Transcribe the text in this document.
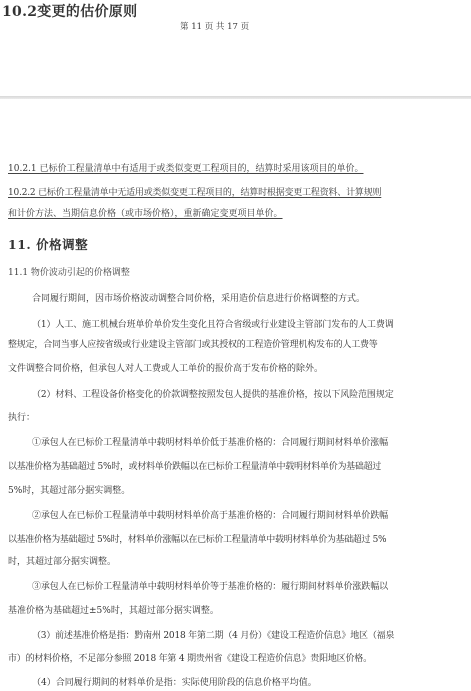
10.2变更的估价原则
第 11 页 共 17 页
10.2.1 已标价工程量清单中有适用于或类似变更工程项目的，结算时采用该项目的单价。
10.2.2 已标价工程量清单中无适用或类似变更工程项目的，结算时根据变更工程资料、计算规则
和计价方法、当期信息价格（或市场价格），重新确定变更项目单价。
11. 价格调整
11.1 物价波动引起的价格调整
合同履行期间，因市场价格波动调整合同价格，采用造价信息进行价格调整的方式。
（1）人工、施工机械台班单价单价发生变化且符合省级或行业建设主管部门发布的人工费调
整规定，合同当事人应按省级或行业建设主管部门或其授权的工程造价管理机构发布的人工费等
文件调整合同价格，但承包人对人工费或人工单价的报价高于发布价格的除外。
（2）材料、工程设备价格变化的价款调整按照发包人提供的基准价格，按以下风险范围规定
执行：
①承包人在已标价工程量清单中载明材料单价低于基准价格的：合同履行期间材料单价涨幅
以基准价格为基础超过 5%时，或材料单价跌幅以在已标价工程量清单中载明材料单价为基础超过
5%时，其超过部分据实调整。
②承包人在已标价工程量清单中载明材料单价高于基准价格的：合同履行期间材料单价跌幅
以基准价格为基础超过 5%时，材料单价涨幅以在已标价工程量清单中载明材料单价为基础超过 5%
时，其超过部分据实调整。
③承包人在已标价工程量清单中载明材料单价等于基准价格的：履行期间材料单价涨跌幅以
基准价格为基础超过±5%时，其超过部分据实调整。
（3）前述基准价格是指：黔南州 2018 年第二期（4 月份）《建设工程造价信息》地区（福泉
市）的材料价格，不足部分参照 2018 年第 4 期贵州省《建设工程造价信息》贵阳地区价格。
（4）合同履行期间的材料单价是指：实际使用阶段的信息价格平均值。
